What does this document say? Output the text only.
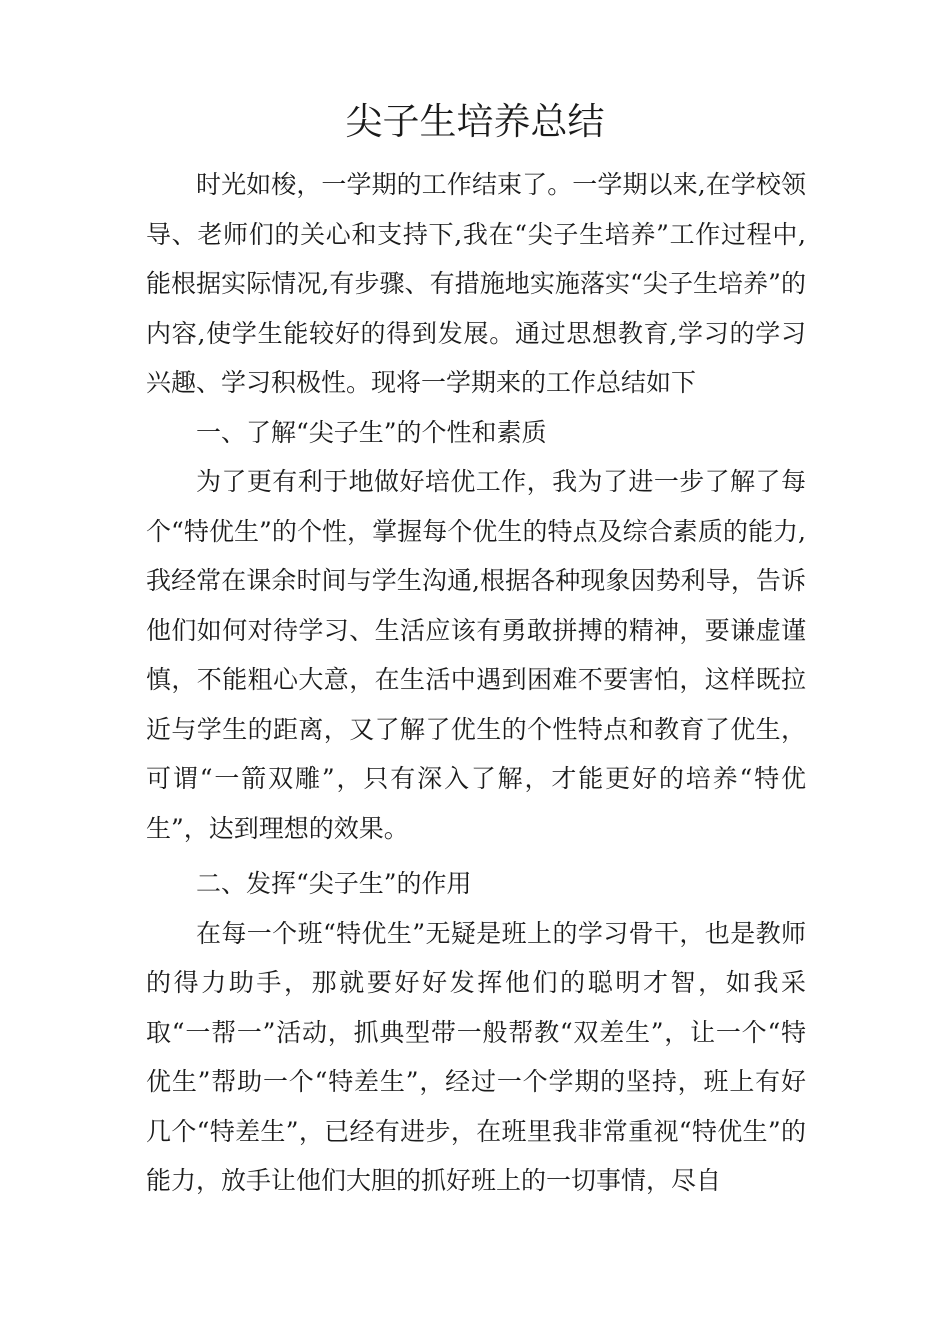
尖子生培养总结

时光如梭，一学期的工作结束了。一学期以来,在学校领导、老师们的关心和支持下,我在“尖子生培养”工作过程中,能根据实际情况,有步骤、有措施地实施落实“尖子生培养”的内容,使学生能较好的得到发展。通过思想教育,学习的学习兴趣、学习积极性。现将一学期来的工作总结如下

一、了解“尖子生”的个性和素质

为了更有利于地做好培优工作，我为了进一步了解了每个“特优生”的个性，掌握每个优生的特点及综合素质的能力,我经常在课余时间与学生沟通,根据各种现象因势利导，告诉他们如何对待学习、生活应该有勇敢拼搏的精神，要谦虚谨慎，不能粗心大意，在生活中遇到困难不要害怕，这样既拉近与学生的距离，又了解了优生的个性特点和教育了优生，可谓“一箭双雕”，只有深入了解，才能更好的培养“特优生”，达到理想的效果。

二、发挥“尖子生”的作用

在每一个班“特优生”无疑是班上的学习骨干，也是教师的得力助手，那就要好好发挥他们的聪明才智，如我采取“一帮一”活动，抓典型带一般帮教“双差生”，让一个“特优生”帮助一个“特差生”，经过一个学期的坚持，班上有好几个“特差生”，已经有进步，在班里我非常重视“特优生”的能力，放手让他们大胆的抓好班上的一切事情，尽自
